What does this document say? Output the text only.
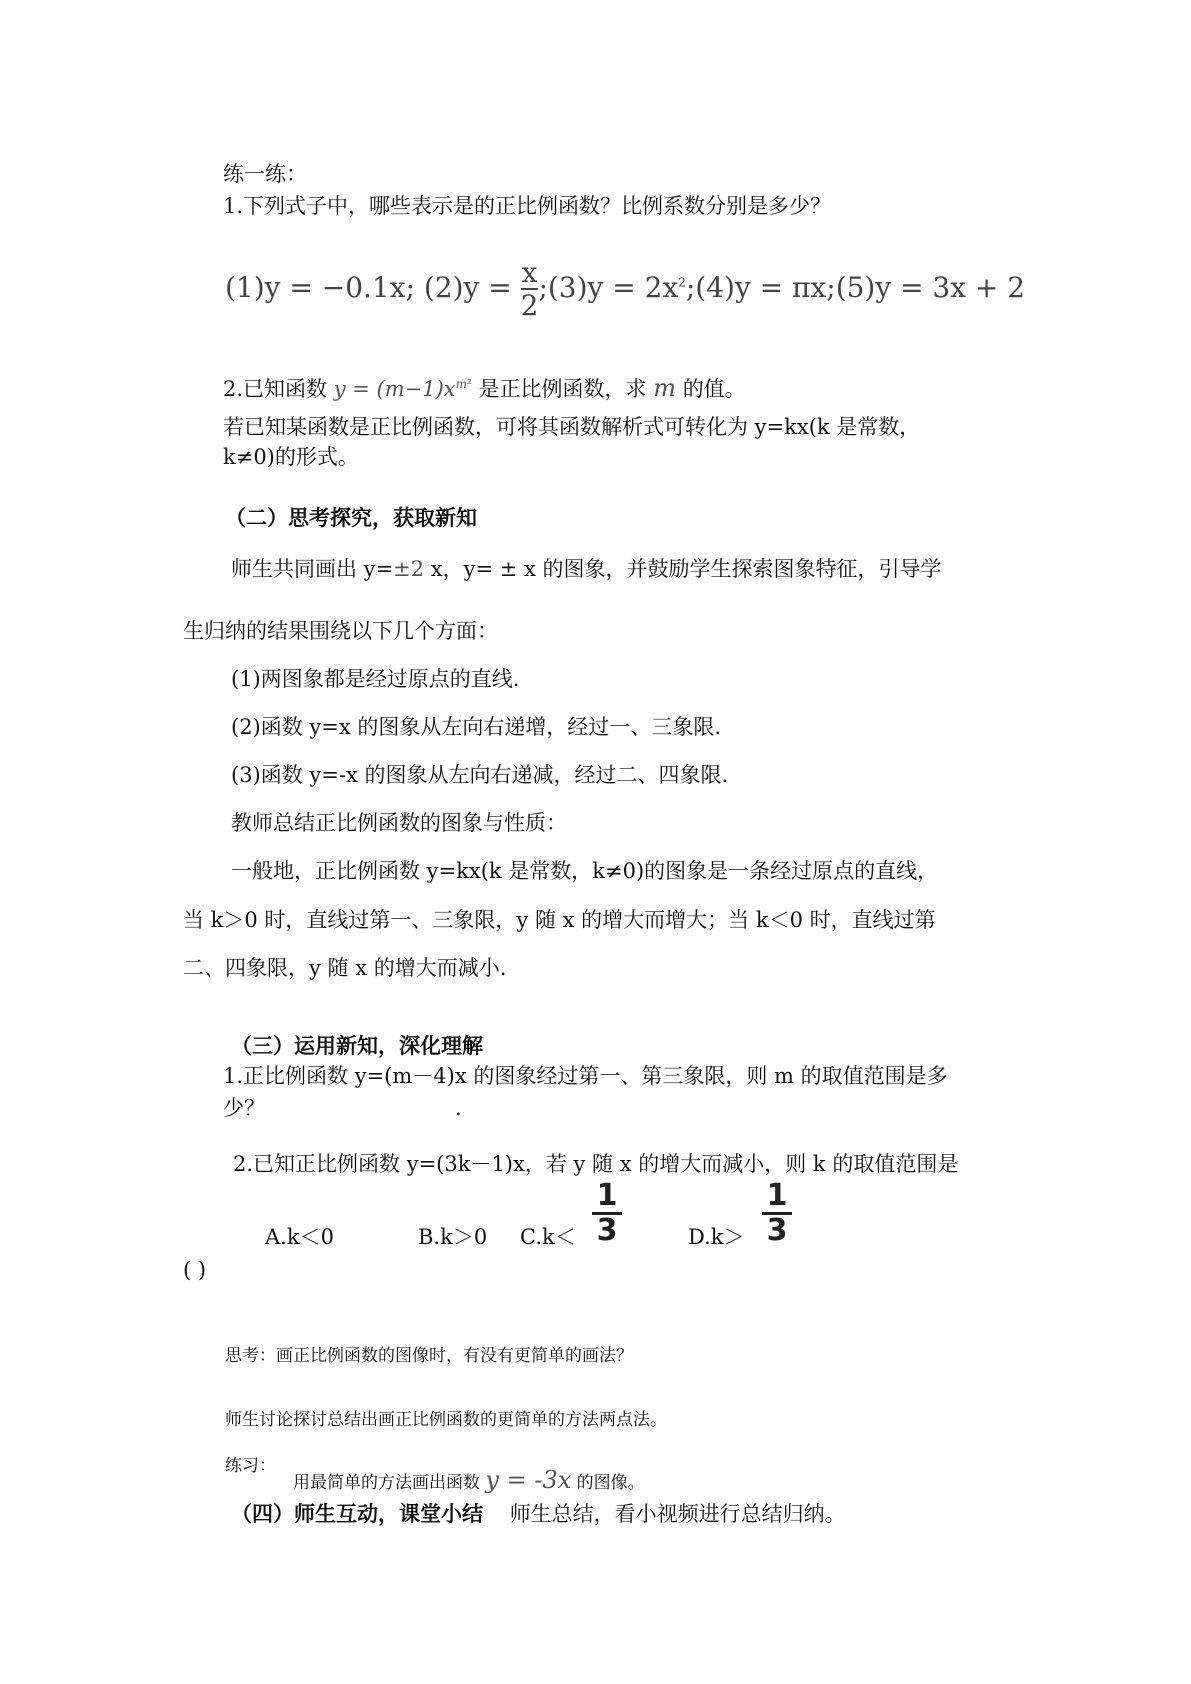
练一练：
1.下列式子中，哪些表示是的正比例函数？比例系数分别是多少？
(1)y = −0.1x; $(2)y = \frac{x}{2}$ ;(3)y = $2x^2;(4)y$ = πx;(5)y = 3x + 2
2.已知函数 $y = (m-1)x^{m^2}$ 是正比例函数，求 m 的值。
若已知某函数是正比例函数，可将其函数解析式可转化为 y=kx(k 是常数，
k≠0)的形式。
（二）思考探究，获取新知
师生共同画出 y=±2 x，y= ± x 的图象，并鼓励学生探索图象特征，引导学
生归纳的结果围绕以下几个方面：
(1)两图象都是经过原点的直线.
(2)函数 y=x 的图象从左向右递增，经过一、三象限.
(3)函数 y=-x 的图象从左向右递减，经过二、四象限.
教师总结正比例函数的图象与性质：
一般地，正比例函数 y=kx(k 是常数，k≠0)的图象是一条经过原点的直线，
当 k＞0 时，直线过第一、三象限，y 随 x 的增大而增大；当 k＜0 时，直线过第
二、四象限，y 随 x 的增大而减小.
（三）运用新知，深化理解
1.正比例函数 y=(m－4)x 的图象经过第一、第三象限，则 m 的取值范围是多
少？	.
2.已知正比例函数 y=(3k－1)x，若 y 随 x 的增大而减小，则 k 的取值范围是
A.k＜0	B.k＞0 C.k＜
1
3	D.k＞
1
3
( )
思考：画正比例函数的图像时，有没有更简单的画法？
师生讨论探讨总结出画正比例函数的更简单的方法两点法。
练习：
用最简单的方法画出函数 y = -3x 的图像。
（四）师生互动，课堂小结 师生总结，看小视频进行总结归纳。
